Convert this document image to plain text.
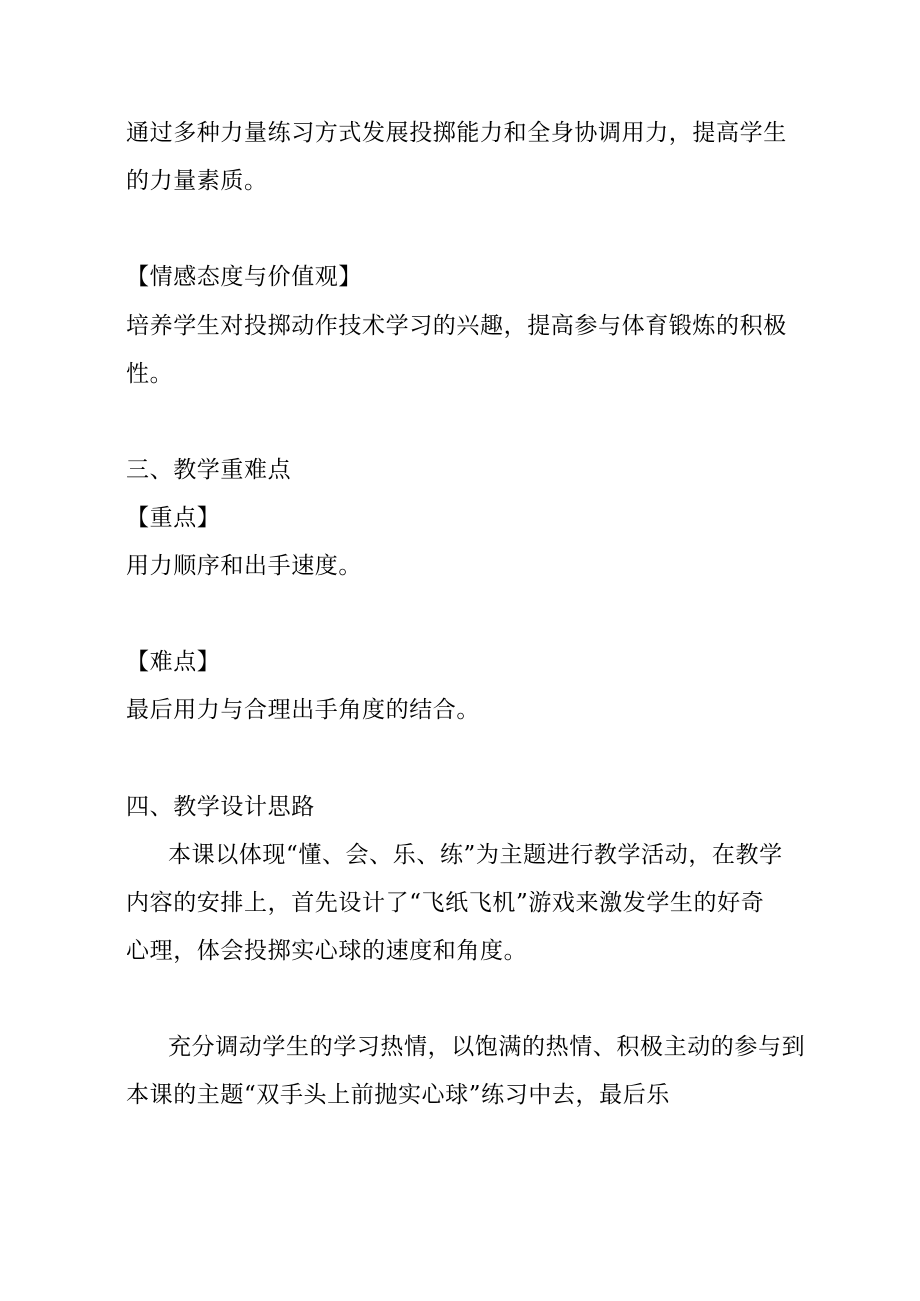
通过多种力量练习方式发展投掷能力和全身协调用力，提高学生

的力量素质。

【情感态度与价值观】

培养学生对投掷动作技术学习的兴趣，提高参与体育锻炼的积极

性。

三、教学重难点

【重点】

用力顺序和出手速度。

【难点】

最后用力与合理出手角度的结合。

四、教学设计思路

本课以体现“懂、会、乐、练”为主题进行教学活动，在教学

内容的安排上，首先设计了“飞纸飞机”游戏来激发学生的好奇

心理，体会投掷实心球的速度和角度。

充分调动学生的学习热情，以饱满的热情、积极主动的参与到

本课的主题“双手头上前抛实心球”练习中去，最后乐
